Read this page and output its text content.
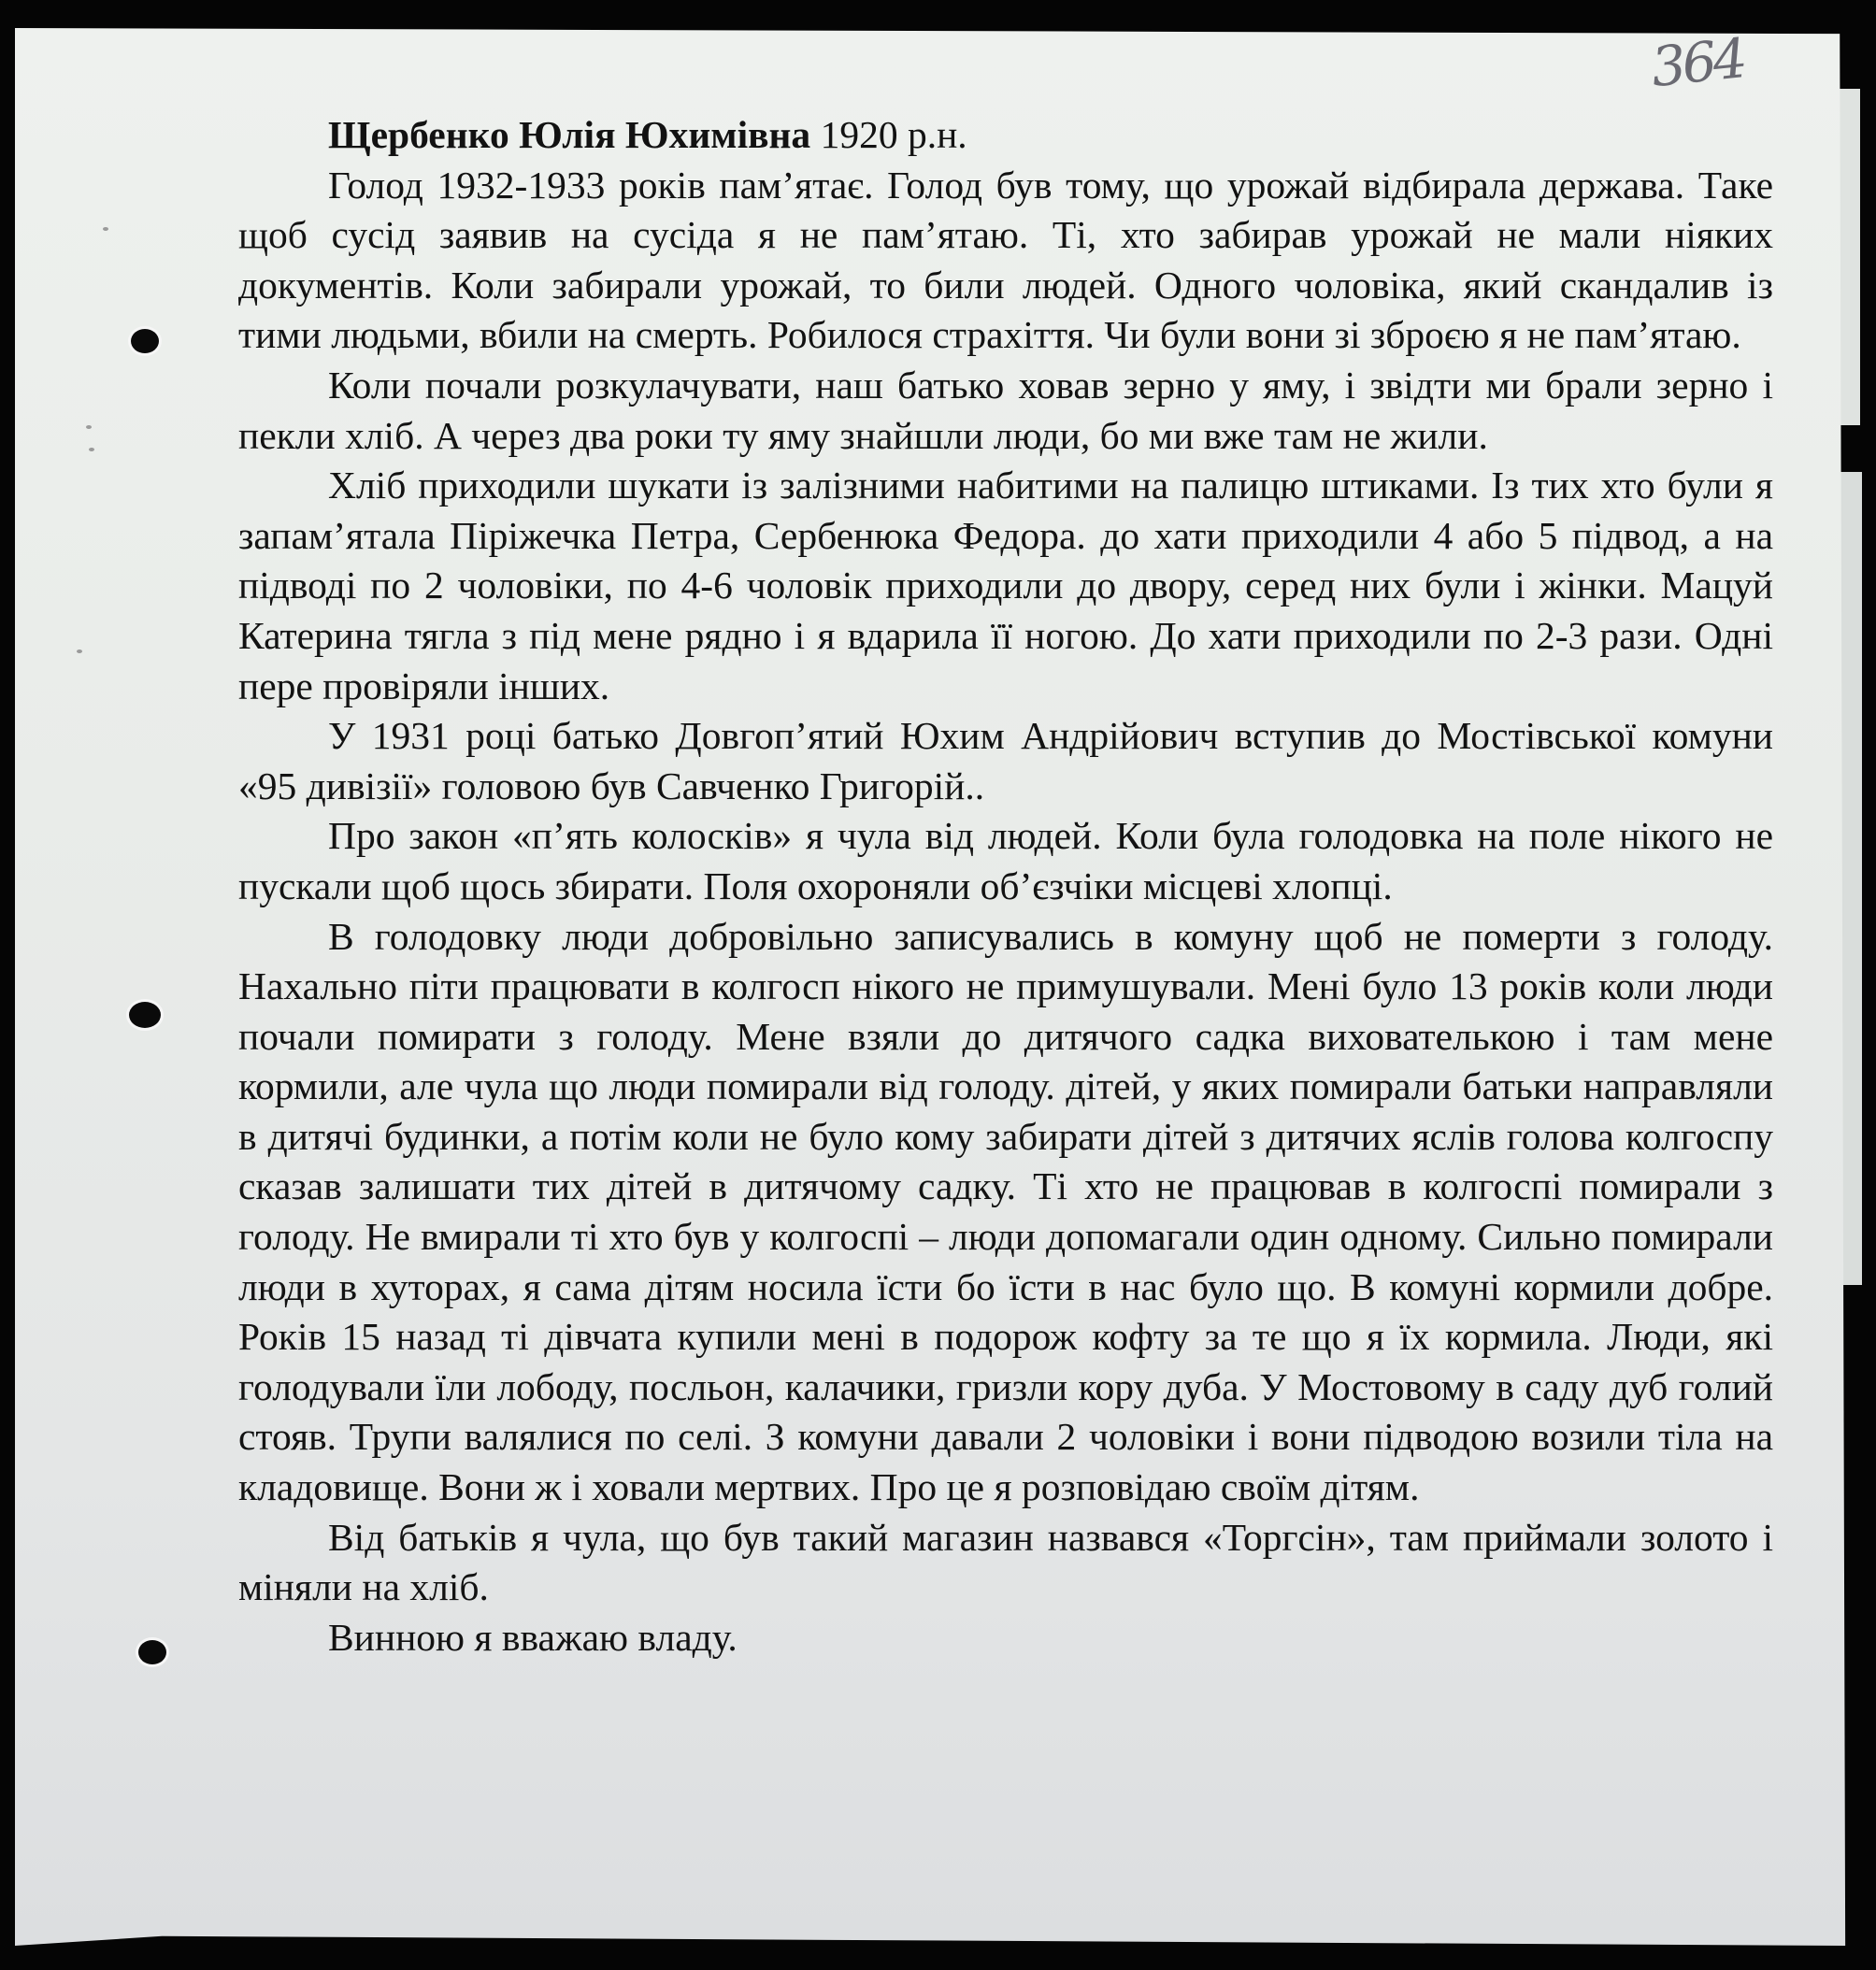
364

Щербенко Юлія Юхимівна 1920 р.н.

Голод 1932-1933 років пам’ятає. Голод був тому, що урожай відбирала держава. Таке щоб сусід заявив на сусіда я не пам’ятаю. Ті, хто забирав урожай не мали ніяких документів. Коли забирали урожай, то били людей. Одного чоловіка, який скандалив із тими людьми, вбили на смерть. Робилося страхіття. Чи були вони зі зброєю я не пам’ятаю.

Коли почали розкулачувати, наш батько ховав зерно у яму, і звідти ми брали зерно і пекли хліб. А через два роки ту яму знайшли люди, бо ми вже там не жили.

Хліб приходили шукати із залізними набитими на палицю штиками. Із тих хто були я запам’ятала Піріжечка Петра, Сербенюка Федора. до хати приходили 4 або 5 підвод, а на підводі по 2 чоловіки, по 4-6 чоловік приходили до двору, серед них були і жінки. Мацуй Катерина тягла з під мене рядно і я вдарила її ногою. До хати приходили по 2-3 рази. Одні пере провіряли інших.

У 1931 році батько Довгоп’ятий Юхим Андрійович вступив до Мостівської комуни «95 дивізії» головою був Савченко Григорій..

Про закон «п’ять колосків» я чула від людей. Коли була голодовка на поле нікого не пускали щоб щось збирати. Поля охороняли об’єзчіки місцеві хлопці.

В голодовку люди добровільно записувались в комуну щоб не померти з голоду. Нахально піти працювати в колгосп нікого не примушували. Мені було 13 років коли люди почали помирати з голоду. Мене взяли до дитячого садка вихователькою і там мене кормили, але чула що люди помирали від голоду. дітей, у яких помирали батьки направляли в дитячі будинки, а потім коли не було кому забирати дітей з дитячих яслів голова колгоспу сказав залишати тих дітей в дитячому садку. Ті хто не працював в колгоспі помирали з голоду. Не вмирали ті хто був у колгоспі – люди допомагали один одному. Сильно помирали люди в хуторах, я сама дітям носила їсти бо їсти в нас було що. В комуні кормили добре. Років 15 назад ті дівчата купили мені в подорож кофту за те що я їх кормила. Люди, які голодували їли лободу, посльон, калачики, гризли кору дуба. У Мостовому в саду дуб голий стояв. Трупи валялися по селі. З комуни давали 2 чоловіки і вони підводою возили тіла на кладовище. Вони ж і ховали мертвих. Про це я розповідаю своїм дітям.

Від батьків я чула, що був такий магазин назвався «Торгсін», там приймали золото і міняли на хліб.

Винною я вважаю владу.
